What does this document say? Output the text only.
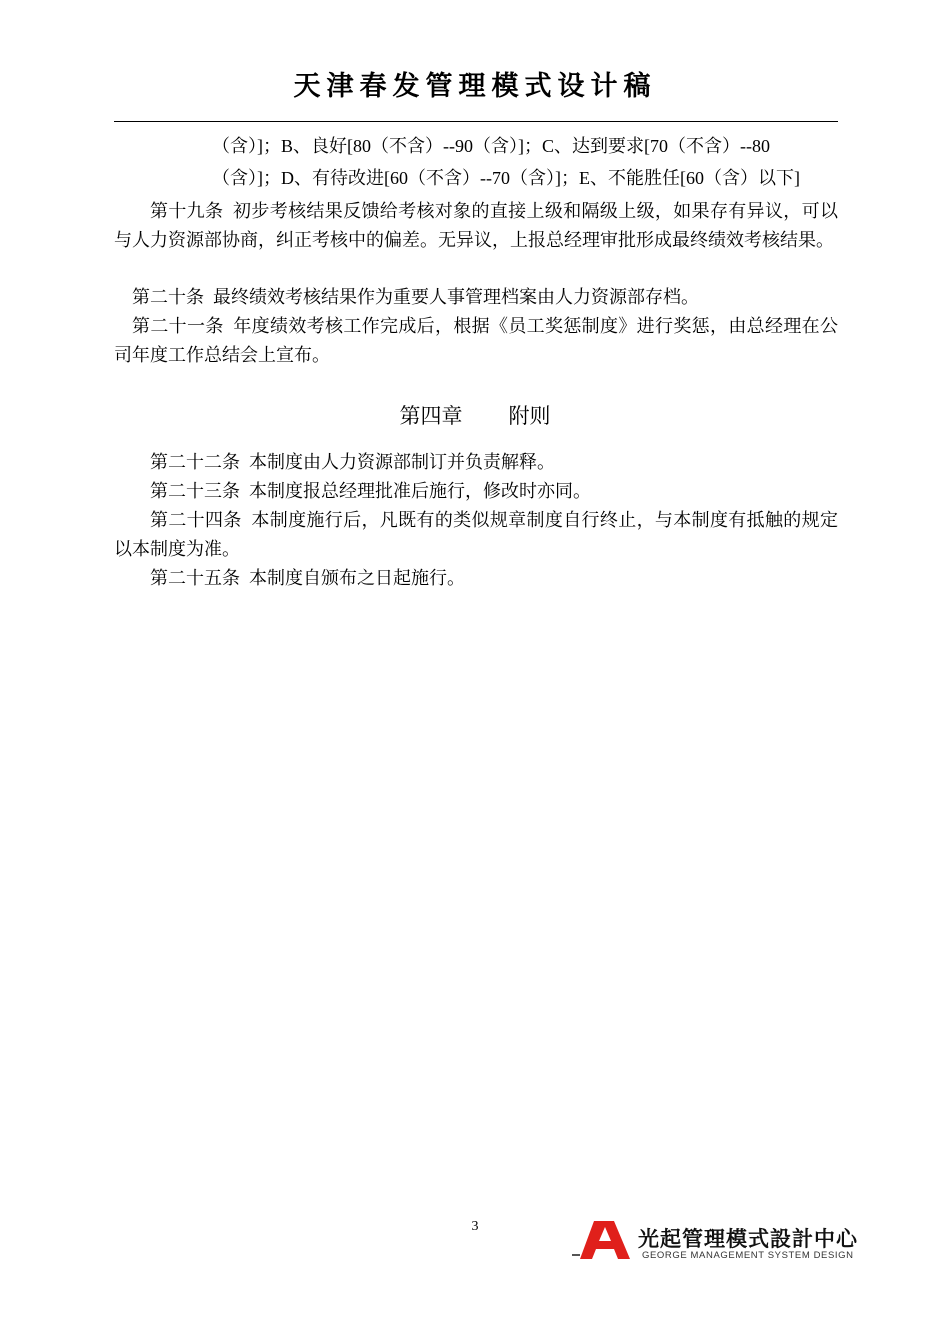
天津春发管理模式设计稿

（含）]；B、良好[80（不含）--90（含）]；C、达到要求[70（不含）--80

（含）]；D、有待改进[60（不含）--70（含）]；E、不能胜任[60（含）以下]

第十九条  初步考核结果反馈给考核对象的直接上级和隔级上级，如果存有异议，可以与人力资源部协商，纠正考核中的偏差。无异议，上报总经理审批形成最终绩效考核结果。

第二十条  最终绩效考核结果作为重要人事管理档案由人力资源部存档。

第二十一条  年度绩效考核工作完成后，根据《员工奖惩制度》进行奖惩，由总经理在公司年度工作总结会上宣布。

第四章 附则

第二十二条  本制度由人力资源部制订并负责解释。

第二十三条  本制度报总经理批准后施行，修改时亦同。

第二十四条  本制度施行后，凡既有的类似规章制度自行终止，与本制度有抵触的规定以本制度为准。

第二十五条  本制度自颁布之日起施行。

3
光起管理模式設計中心
GEORGE MANAGEMENT SYSTEM DESIGN
